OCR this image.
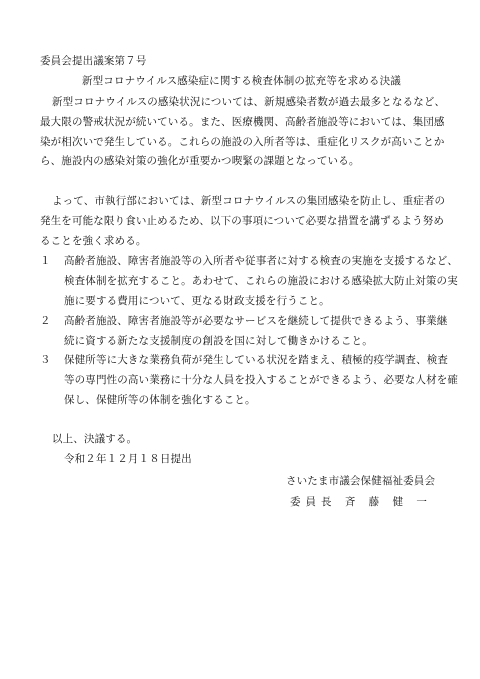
委員会提出議案第７号
新型コロナウイルス感染症に関する検査体制の拡充等を求める決議
新型コロナウイルスの感染状況については、新規感染者数が過去最多となるなど、
最大限の警戒状況が続いている。また、医療機関、高齢者施設等においては、集団感
染が相次いで発生している。これらの施設の入所者等は、重症化リスクが高いことか
ら、施設内の感染対策の強化が重要かつ喫緊の課題となっている。
よって、市執行部においては、新型コロナウイルスの集団感染を防止し、重症者の
発生を可能な限り食い止めるため、以下の事項について必要な措置を講ずるよう努め
ることを強く求める。
１ 高齢者施設、障害者施設等の入所者や従事者に対する検査の実施を支援するなど、
検査体制を拡充すること。あわせて、これらの施設における感染拡大防止対策の実
施に要する費用について、更なる財政支援を行うこと。
２ 高齢者施設、障害者施設等が必要なサービスを継続して提供できるよう、事業継
続に資する新たな支援制度の創設を国に対して働きかけること。
３ 保健所等に大きな業務負荷が発生している状況を踏まえ、積極的疫学調査、検査
等の専門性の高い業務に十分な人員を投入することができるよう、必要な人材を確
保し、保健所等の体制を強化すること。
以上、決議する。
令和２年１２月１８日提出
さいたま市議会保健福祉委員会
委員長 斉 藤 健 一
